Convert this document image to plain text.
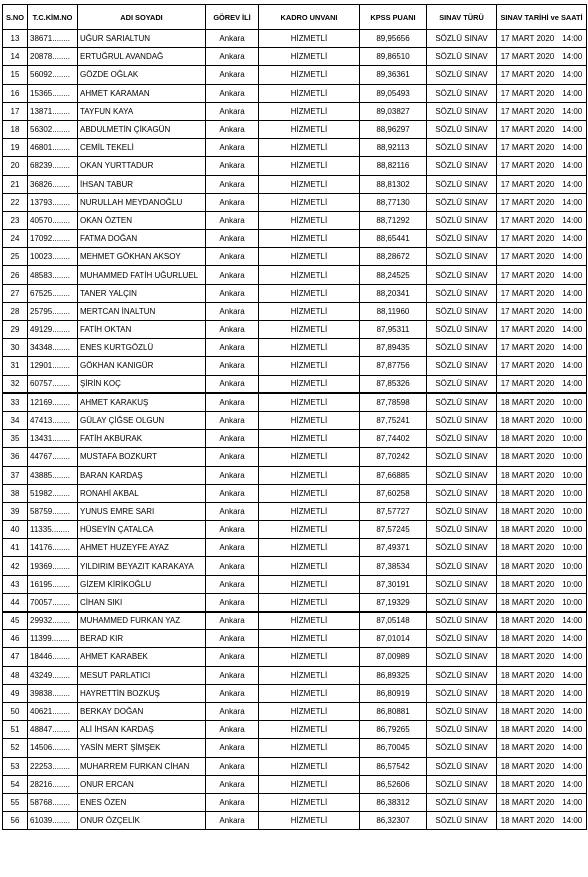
S.NO	T.C.KİM.NO	ADI SOYADI	GÖREV İLİ	KADRO UNVANI	KPSS PUANI	SINAV TÜRÜ	SINAV TARİHİ ve SAATİ
13	38671........	UĞUR SARIALTUN	Ankara	HİZMETLİ	89,95656	SÖZLÜ SINAV	17 MART 2020 14:00
14	20878........	ERTUĞRUL AVANDAĞ	Ankara	HİZMETLİ	89,86510	SÖZLÜ SINAV	17 MART 2020 14:00
15	56092........	GÖZDE OĞLAK	Ankara	HİZMETLİ	89,36361	SÖZLÜ SINAV	17 MART 2020 14:00
16	15365........	AHMET KARAMAN	Ankara	HİZMETLİ	89,05493	SÖZLÜ SINAV	17 MART 2020 14:00
17	13871........	TAYFUN KAYA	Ankara	HİZMETLİ	89,03827	SÖZLÜ SINAV	17 MART 2020 14:00
18	56302........	ABDULMETİN ÇİKAGÜN	Ankara	HİZMETLİ	88,96297	SÖZLÜ SINAV	17 MART 2020 14:00
19	46801........	CEMİL TEKELİ	Ankara	HİZMETLİ	88,92113	SÖZLÜ SINAV	17 MART 2020 14:00
20	68239........	OKAN YURTTADUR	Ankara	HİZMETLİ	88,82116	SÖZLÜ SINAV	17 MART 2020 14:00
21	36826........	İHSAN TABUR	Ankara	HİZMETLİ	88,81302	SÖZLÜ SINAV	17 MART 2020 14:00
22	13793........	NURULLAH MEYDANOĞLU	Ankara	HİZMETLİ	88,77130	SÖZLÜ SINAV	17 MART 2020 14:00
23	40570........	OKAN ÖZTEN	Ankara	HİZMETLİ	88,71292	SÖZLÜ SINAV	17 MART 2020 14:00
24	17092........	FATMA DOĞAN	Ankara	HİZMETLİ	88,65441	SÖZLÜ SINAV	17 MART 2020 14:00
25	10023........	MEHMET GÖKHAN AKSOY	Ankara	HİZMETLİ	88,28672	SÖZLÜ SINAV	17 MART 2020 14:00
26	48583........	MUHAMMED FATİH UĞURLUEL	Ankara	HİZMETLİ	88,24525	SÖZLÜ SINAV	17 MART 2020 14:00
27	67525........	TANER YALÇIN	Ankara	HİZMETLİ	88,20341	SÖZLÜ SINAV	17 MART 2020 14:00
28	25795........	MERTCAN İNALTUN	Ankara	HİZMETLİ	88,11960	SÖZLÜ SINAV	17 MART 2020 14:00
29	49129........	FATİH OKTAN	Ankara	HİZMETLİ	87,95311	SÖZLÜ SINAV	17 MART 2020 14:00
30	34348........	ENES KURTGÖZLÜ	Ankara	HİZMETLİ	87,89435	SÖZLÜ SINAV	17 MART 2020 14:00
31	12901........	GÖKHAN KANIGÜR	Ankara	HİZMETLİ	87,87756	SÖZLÜ SINAV	17 MART 2020 14:00
32	60757........	ŞİRİN KOÇ	Ankara	HİZMETLİ	87,85326	SÖZLÜ SINAV	17 MART 2020 14:00
33	12169........	AHMET KARAKUŞ	Ankara	HİZMETLİ	87,78598	SÖZLÜ SINAV	18 MART 2020 10:00
34	47413........	GÜLAY ÇİĞSE OLGUN	Ankara	HİZMETLİ	87,75241	SÖZLÜ SINAV	18 MART 2020 10:00
35	13431........	FATİH AKBURAK	Ankara	HİZMETLİ	87,74402	SÖZLÜ SINAV	18 MART 2020 10:00
36	44767........	MUSTAFA BOZKURT	Ankara	HİZMETLİ	87,70242	SÖZLÜ SINAV	18 MART 2020 10:00
37	43885........	BARAN KARDAŞ	Ankara	HİZMETLİ	87,66885	SÖZLÜ SINAV	18 MART 2020 10:00
38	51982........	RONAHİ AKBAL	Ankara	HİZMETLİ	87,60258	SÖZLÜ SINAV	18 MART 2020 10:00
39	58759........	YUNUS EMRE SARI	Ankara	HİZMETLİ	87,57727	SÖZLÜ SINAV	18 MART 2020 10:00
40	11335........	HÜSEYİN ÇATALCA	Ankara	HİZMETLİ	87,57245	SÖZLÜ SINAV	18 MART 2020 10:00
41	14176........	AHMET HUZEYFE AYAZ	Ankara	HİZMETLİ	87,49371	SÖZLÜ SINAV	18 MART 2020 10:00
42	19369........	YILDIRIM BEYAZIT KARAKAYA	Ankara	HİZMETLİ	87,38534	SÖZLÜ SINAV	18 MART 2020 10:00
43	16195........	GİZEM KİRİKOĞLU	Ankara	HİZMETLİ	87,30191	SÖZLÜ SINAV	18 MART 2020 10:00
44	70057........	CİHAN SIKI	Ankara	HİZMETLİ	87,19329	SÖZLÜ SINAV	18 MART 2020 10:00
45	29932........	MUHAMMED FURKAN YAZ	Ankara	HİZMETLİ	87,05148	SÖZLÜ SINAV	18 MART 2020 14:00
46	11399........	BERAD KIR	Ankara	HİZMETLİ	87,01014	SÖZLÜ SINAV	18 MART 2020 14:00
47	18446........	AHMET KARABEK	Ankara	HİZMETLİ	87,00989	SÖZLÜ SINAV	18 MART 2020 14:00
48	43249........	MESUT PARLATICI	Ankara	HİZMETLİ	86,89325	SÖZLÜ SINAV	18 MART 2020 14:00
49	39838........	HAYRETTİN BOZKUŞ	Ankara	HİZMETLİ	86,80919	SÖZLÜ SINAV	18 MART 2020 14:00
50	40621........	BERKAY DOĞAN	Ankara	HİZMETLİ	86,80881	SÖZLÜ SINAV	18 MART 2020 14:00
51	48847........	ALİ İHSAN KARDAŞ	Ankara	HİZMETLİ	86,79265	SÖZLÜ SINAV	18 MART 2020 14:00
52	14506........	YASİN MERT ŞİMŞEK	Ankara	HİZMETLİ	86,70045	SÖZLÜ SINAV	18 MART 2020 14:00
53	22253........	MUHARREM FURKAN CİHAN	Ankara	HİZMETLİ	86,57542	SÖZLÜ SINAV	18 MART 2020 14:00
54	28216........	ONUR ERCAN	Ankara	HİZMETLİ	86,52606	SÖZLÜ SINAV	18 MART 2020 14:00
55	58768........	ENES ÖZEN	Ankara	HİZMETLİ	86,38312	SÖZLÜ SINAV	18 MART 2020 14:00
56	61039........	ONUR ÖZÇELİK	Ankara	HİZMETLİ	86,32307	SÖZLÜ SINAV	18 MART 2020 14:00
